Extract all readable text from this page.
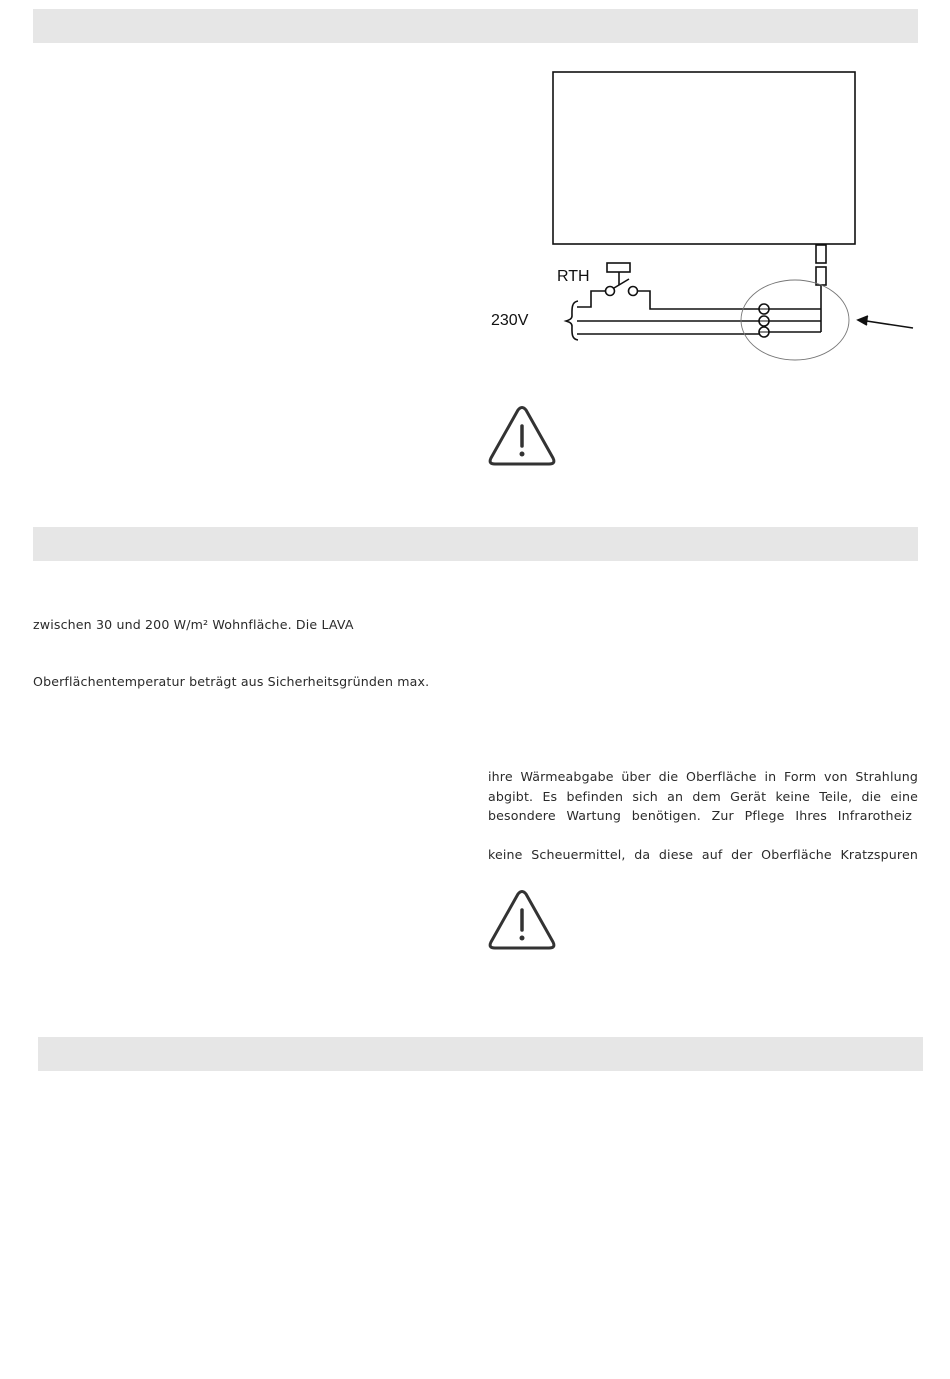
RTH
230V
zwischen 30 und 200 W/m² Wohnfläche. Die LAVA
Oberflächentemperatur beträgt aus Sicherheitsgründen max.
ihre Wärmeabgabe über die Oberfläche in Form von Strahlung
abgibt. Es befinden sich an dem Gerät keine Teile, die eine
besondere Wartung benötigen. Zur Pflege Ihres Infrarotheiz
keine Scheuermittel, da diese auf der Oberfläche Kratzspuren
